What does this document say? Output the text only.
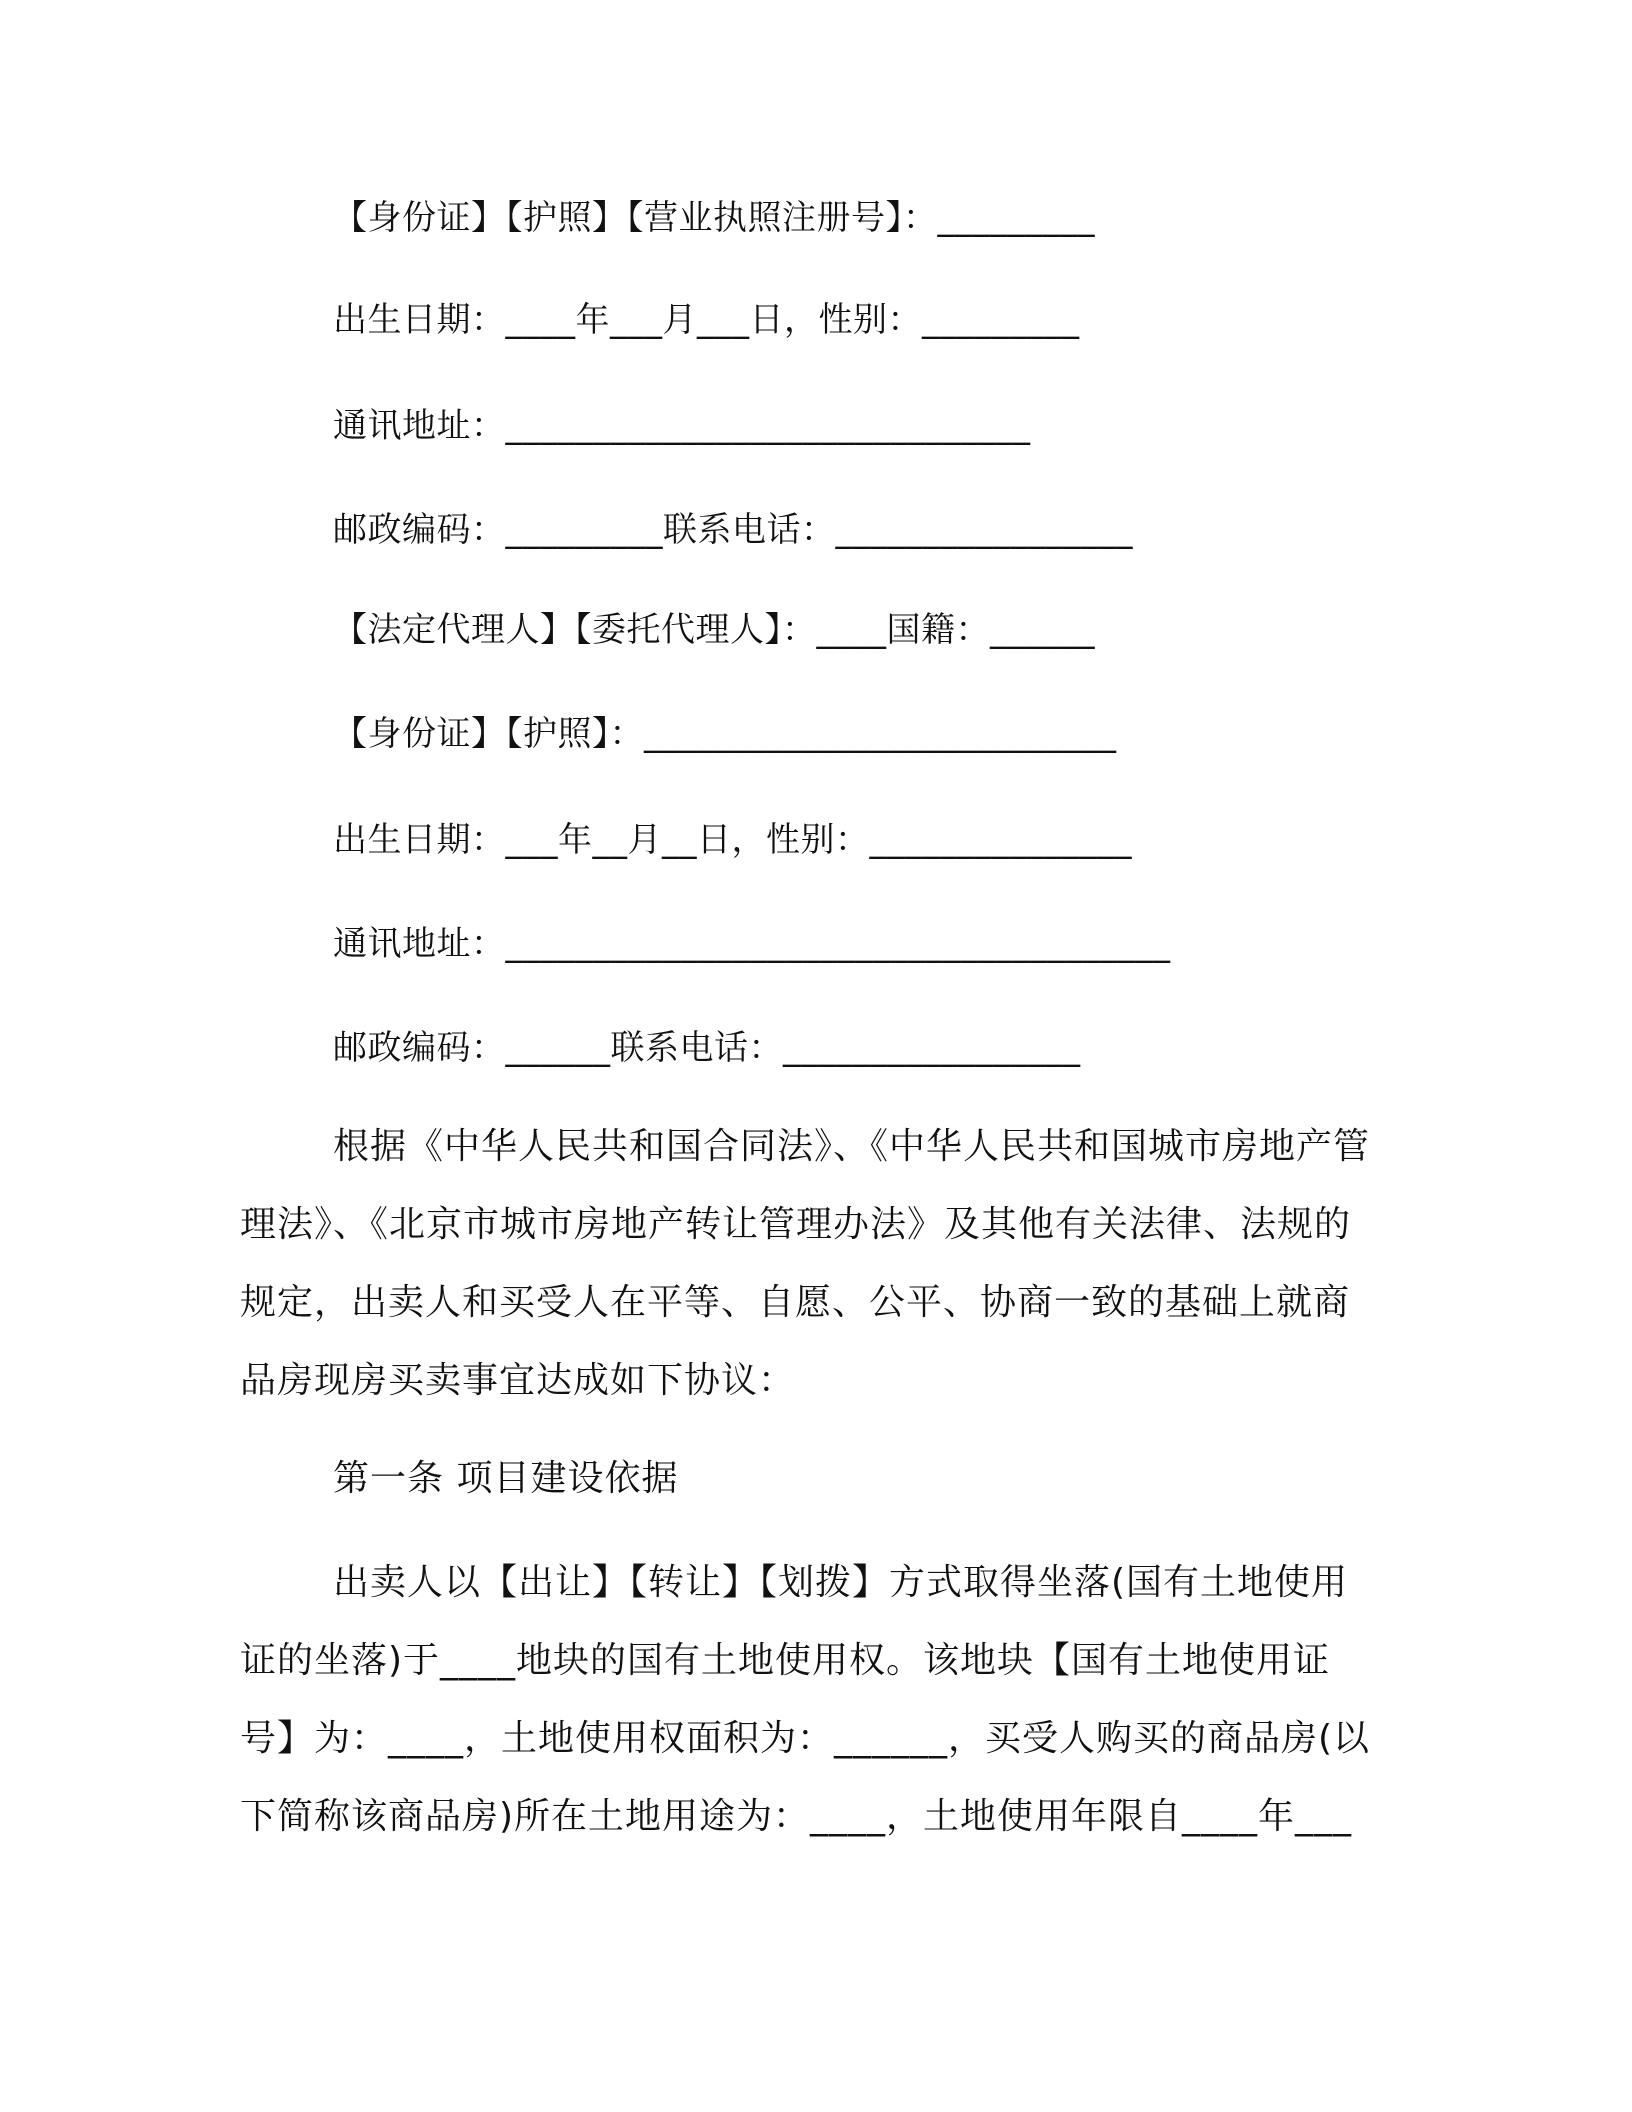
【身份证】【护照】【营业执照注册号】：_________
出生日期：____年___月___日，性别：_________
通讯地址：______________________________
邮政编码：_________联系电话：_________________
【法定代理人】【委托代理人】：____国籍：______
【身份证】【护照】：___________________________
出生日期：___年__月__日，性别：_______________
通讯地址：______________________________________
邮政编码：______联系电话：_________________

根据《中华人民共和国合同法》、《中华人民共和国城市房地产管理法》、《北京市城市房地产转让管理办法》及其他有关法律、法规的规定，出卖人和买受人在平等、自愿、公平、协商一致的基础上就商品房现房买卖事宜达成如下协议：

第一条 项目建设依据

出卖人以【出让】【转让】【划拨】方式取得坐落(国有土地使用证的坐落)于____地块的国有土地使用权。该地块【国有土地使用证号】为：____，土地使用权面积为：______，买受人购买的商品房(以下简称该商品房)所在土地用途为：____，土地使用年限自____年___
